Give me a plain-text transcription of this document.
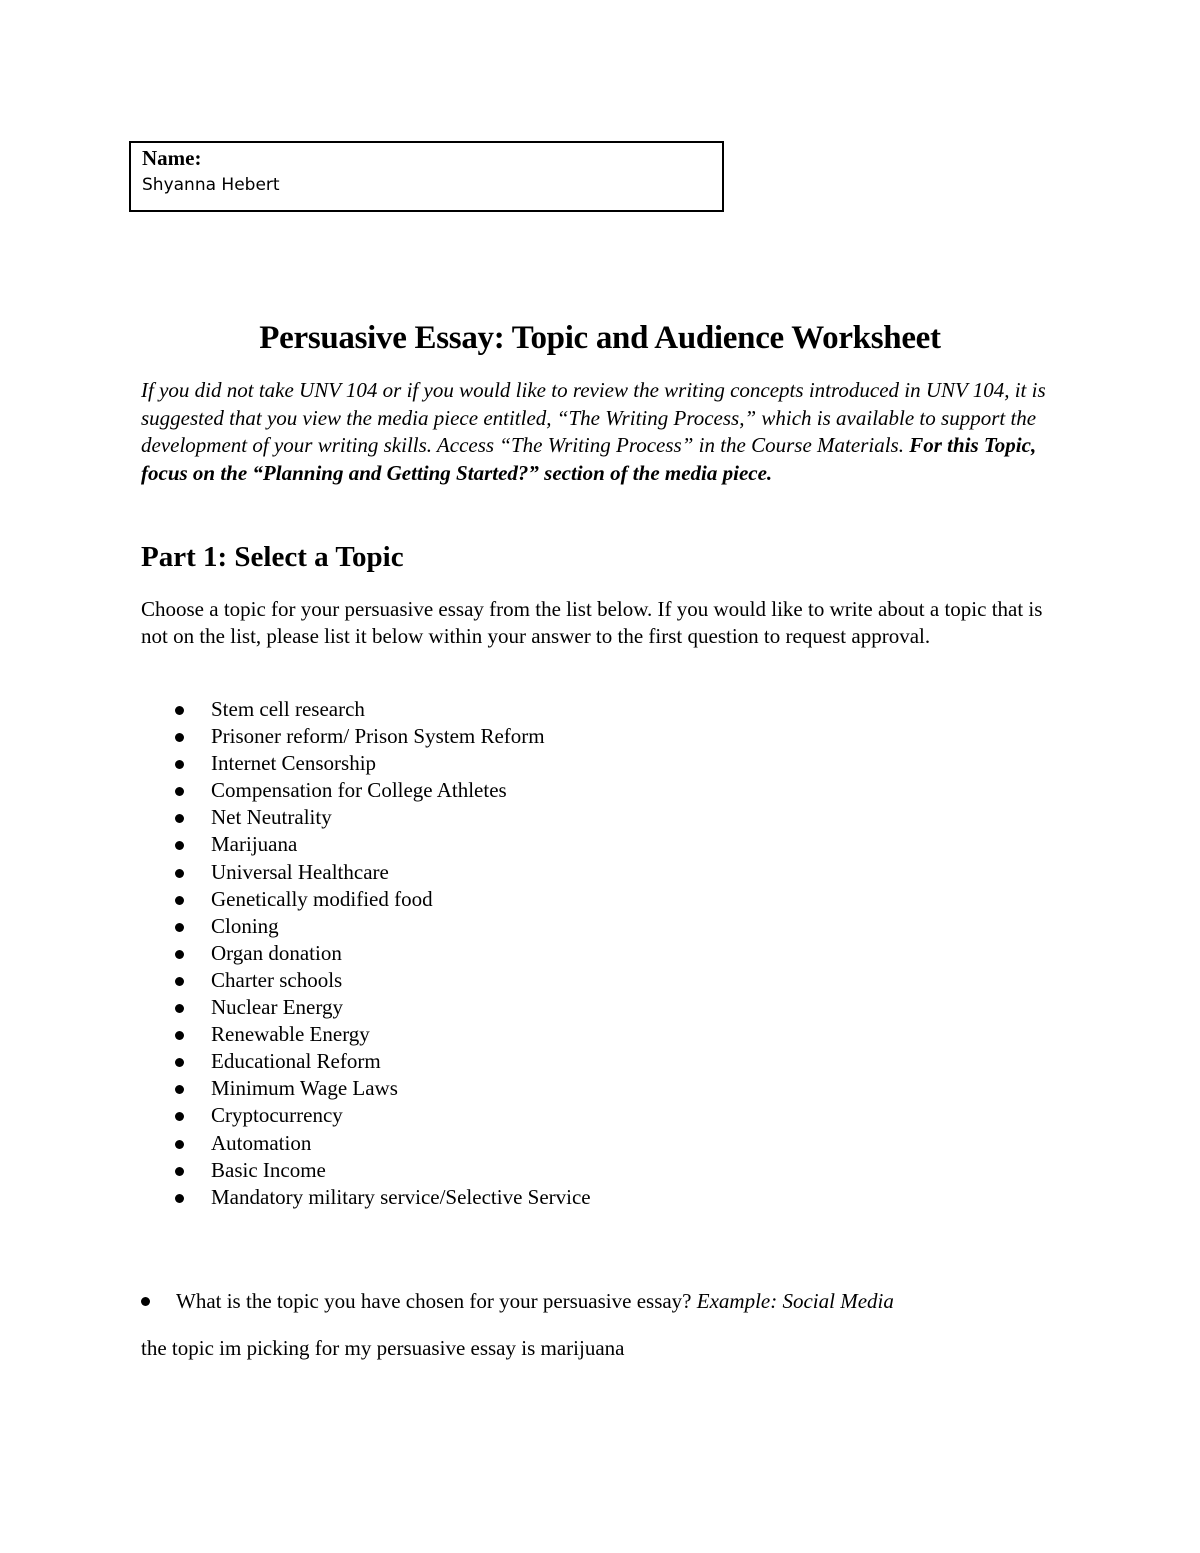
Name:
Shyanna Hebert
Persuasive Essay: Topic and Audience Worksheet
If you did not take UNV 104 or if you would like to review the writing concepts introduced in UNV 104, it is suggested that you view the media piece entitled, “The Writing Process,” which is available to support the development of your writing skills. Access “The Writing Process” in the Course Materials. For this Topic, focus on the “Planning and Getting Started?” section of the media piece.
Part 1: Select a Topic
Choose a topic for your persuasive essay from the list below. If you would like to write about a topic that is not on the list, please list it below within your answer to the first question to request approval.
Stem cell research
Prisoner reform/ Prison System Reform
Internet Censorship
Compensation for College Athletes
Net Neutrality
Marijuana
Universal Healthcare
Genetically modified food
Cloning
Organ donation
Charter schools
Nuclear Energy
Renewable Energy
Educational Reform
Minimum Wage Laws
Cryptocurrency
Automation
Basic Income
Mandatory military service/Selective Service
What is the topic you have chosen for your persuasive essay? Example: Social Media
the topic im picking for my persuasive essay is marijuana
